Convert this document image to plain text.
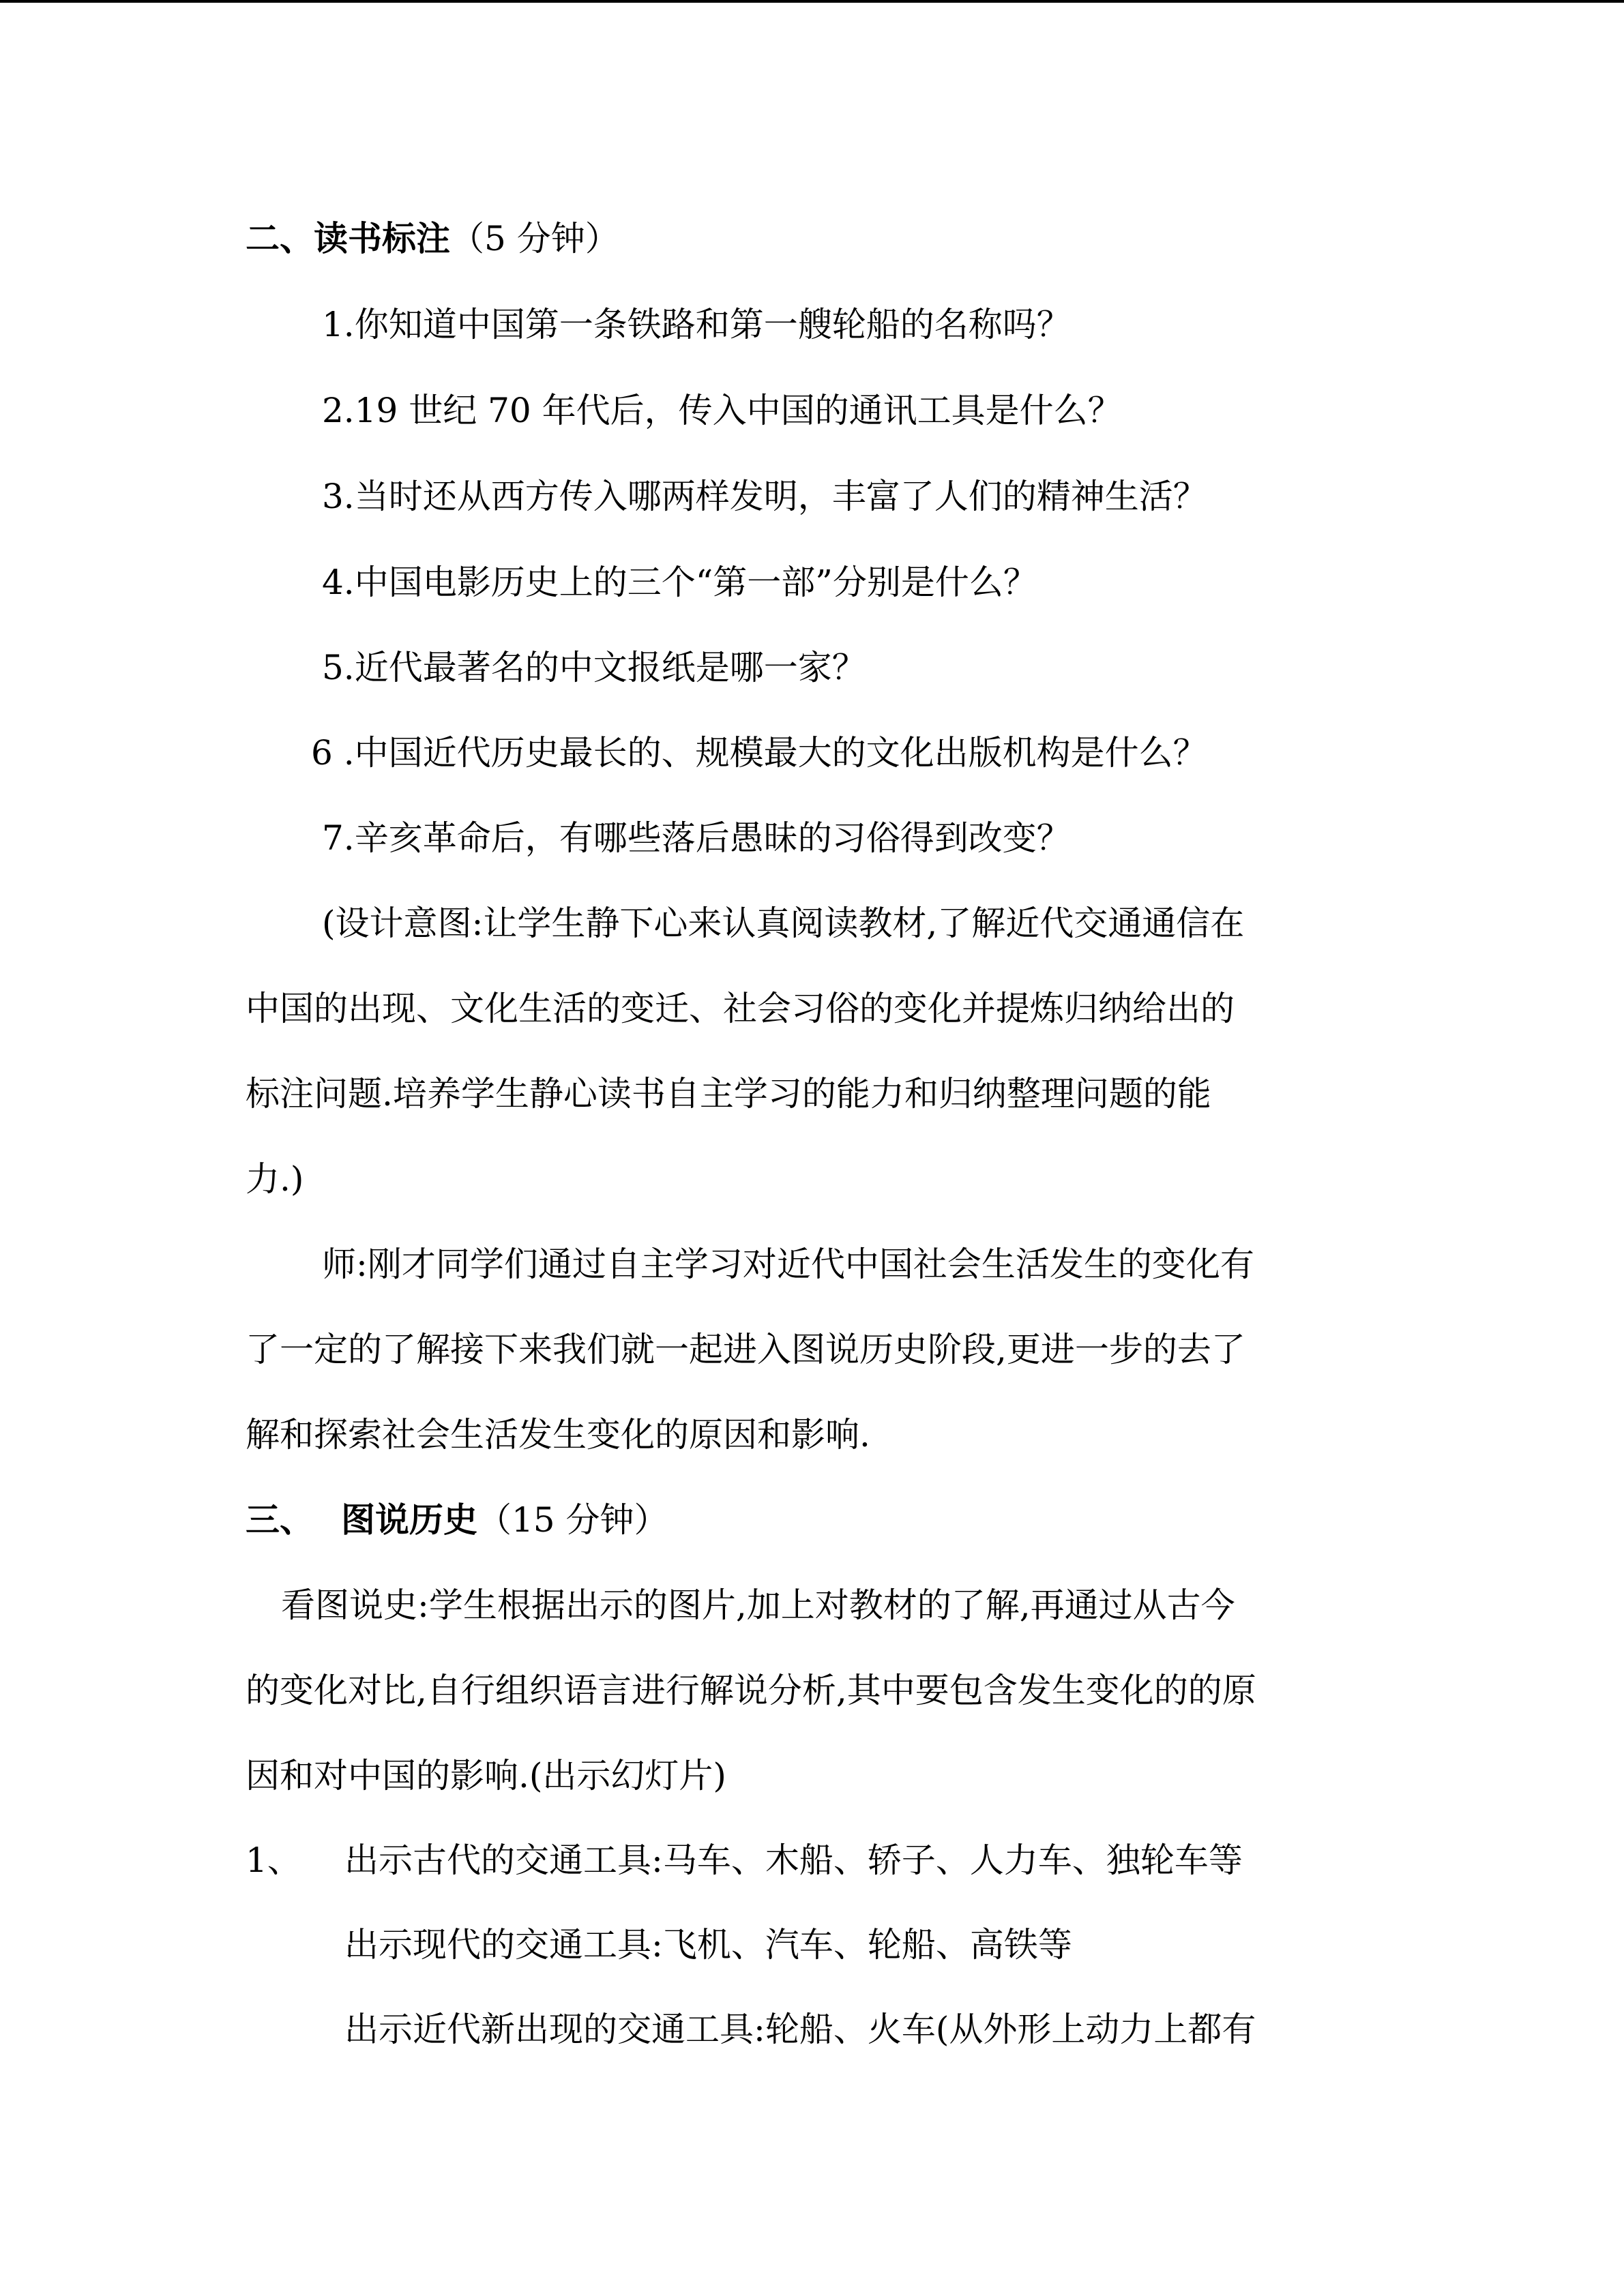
二、读书标注（5 分钟）
1.你知道中国第一条铁路和第一艘轮船的名称吗？
2.19 世纪 70 年代后，传入中国的通讯工具是什么？
3.当时还从西方传入哪两样发明，丰富了人们的精神生活？
4.中国电影历史上的三个“第一部”分别是什么？
5.近代最著名的中文报纸是哪一家？
6 .中国近代历史最长的、规模最大的文化出版机构是什么？
7.辛亥革命后，有哪些落后愚昧的习俗得到改变？
(设计意图:让学生静下心来认真阅读教材,了解近代交通通信在
中国的出现、文化生活的变迁、社会习俗的变化并提炼归纳给出的
标注问题.培养学生静心读书自主学习的能力和归纳整理问题的能
力.)
师:刚才同学们通过自主学习对近代中国社会生活发生的变化有
了一定的了解接下来我们就一起进入图说历史阶段,更进一步的去了
解和探索社会生活发生变化的原因和影响.
三、 图说历史（15 分钟）
看图说史:学生根据出示的图片,加上对教材的了解,再通过从古今
的变化对比,自行组织语言进行解说分析,其中要包含发生变化的的原
因和对中国的影响.(出示幻灯片)
1、 出示古代的交通工具:马车、木船、轿子、人力车、独轮车等
出示现代的交通工具:飞机、汽车、轮船、高铁等
出示近代新出现的交通工具:轮船、火车(从外形上动力上都有
